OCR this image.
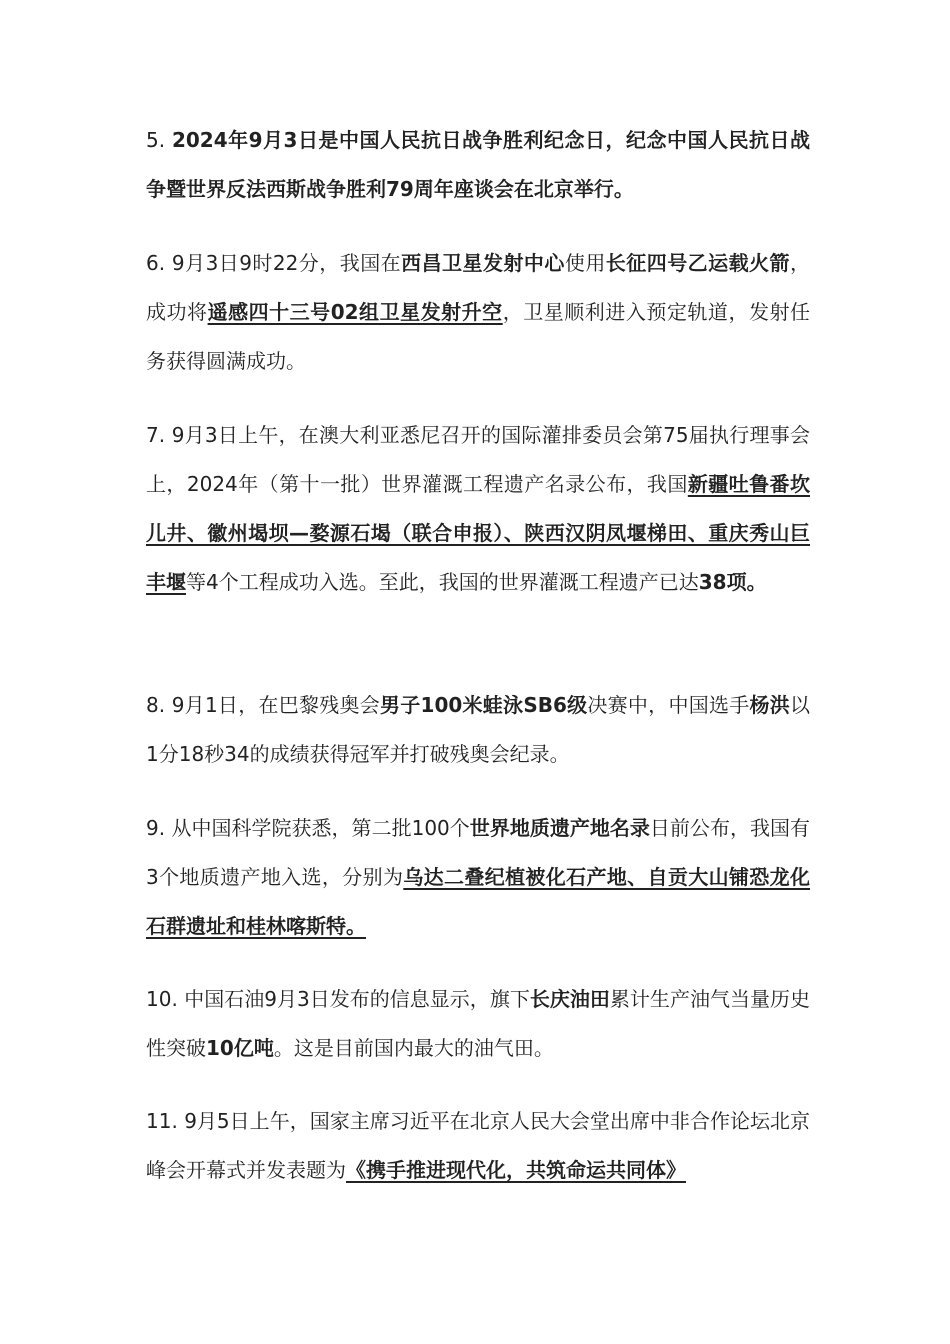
5. 2024年9月3日是中国人民抗日战争胜利纪念日，纪念中国人民抗日战争暨世界反法西斯战争胜利79周年座谈会在北京举行。

6. 9月3日9时22分，我国在西昌卫星发射中心使用长征四号乙运载火箭，成功将遥感四十三号02组卫星发射升空，卫星顺利进入预定轨道，发射任务获得圆满成功。

7. 9月3日上午，在澳大利亚悉尼召开的国际灌排委员会第75届执行理事会上，2024年（第十一批）世界灌溉工程遗产名录公布，我国新疆吐鲁番坎儿井、徽州堨坝—婺源石堨（联合申报）、陕西汉阴凤堰梯田、重庆秀山巨丰堰等4个工程成功入选。至此，我国的世界灌溉工程遗产已达38项。

8. 9月1日，在巴黎残奥会男子100米蛙泳SB6级决赛中，中国选手杨洪以1分18秒34的成绩获得冠军并打破残奥会纪录。

9. 从中国科学院获悉，第二批100个世界地质遗产地名录日前公布，我国有3个地质遗产地入选，分别为乌达二叠纪植被化石产地、自贡大山铺恐龙化石群遗址和桂林喀斯特。

10. 中国石油9月3日发布的信息显示，旗下长庆油田累计生产油气当量历史性突破10亿吨。这是目前国内最大的油气田。

11. 9月5日上午，国家主席习近平在北京人民大会堂出席中非合作论坛北京峰会开幕式并发表题为《携手推进现代化，共筑命运共同体》
